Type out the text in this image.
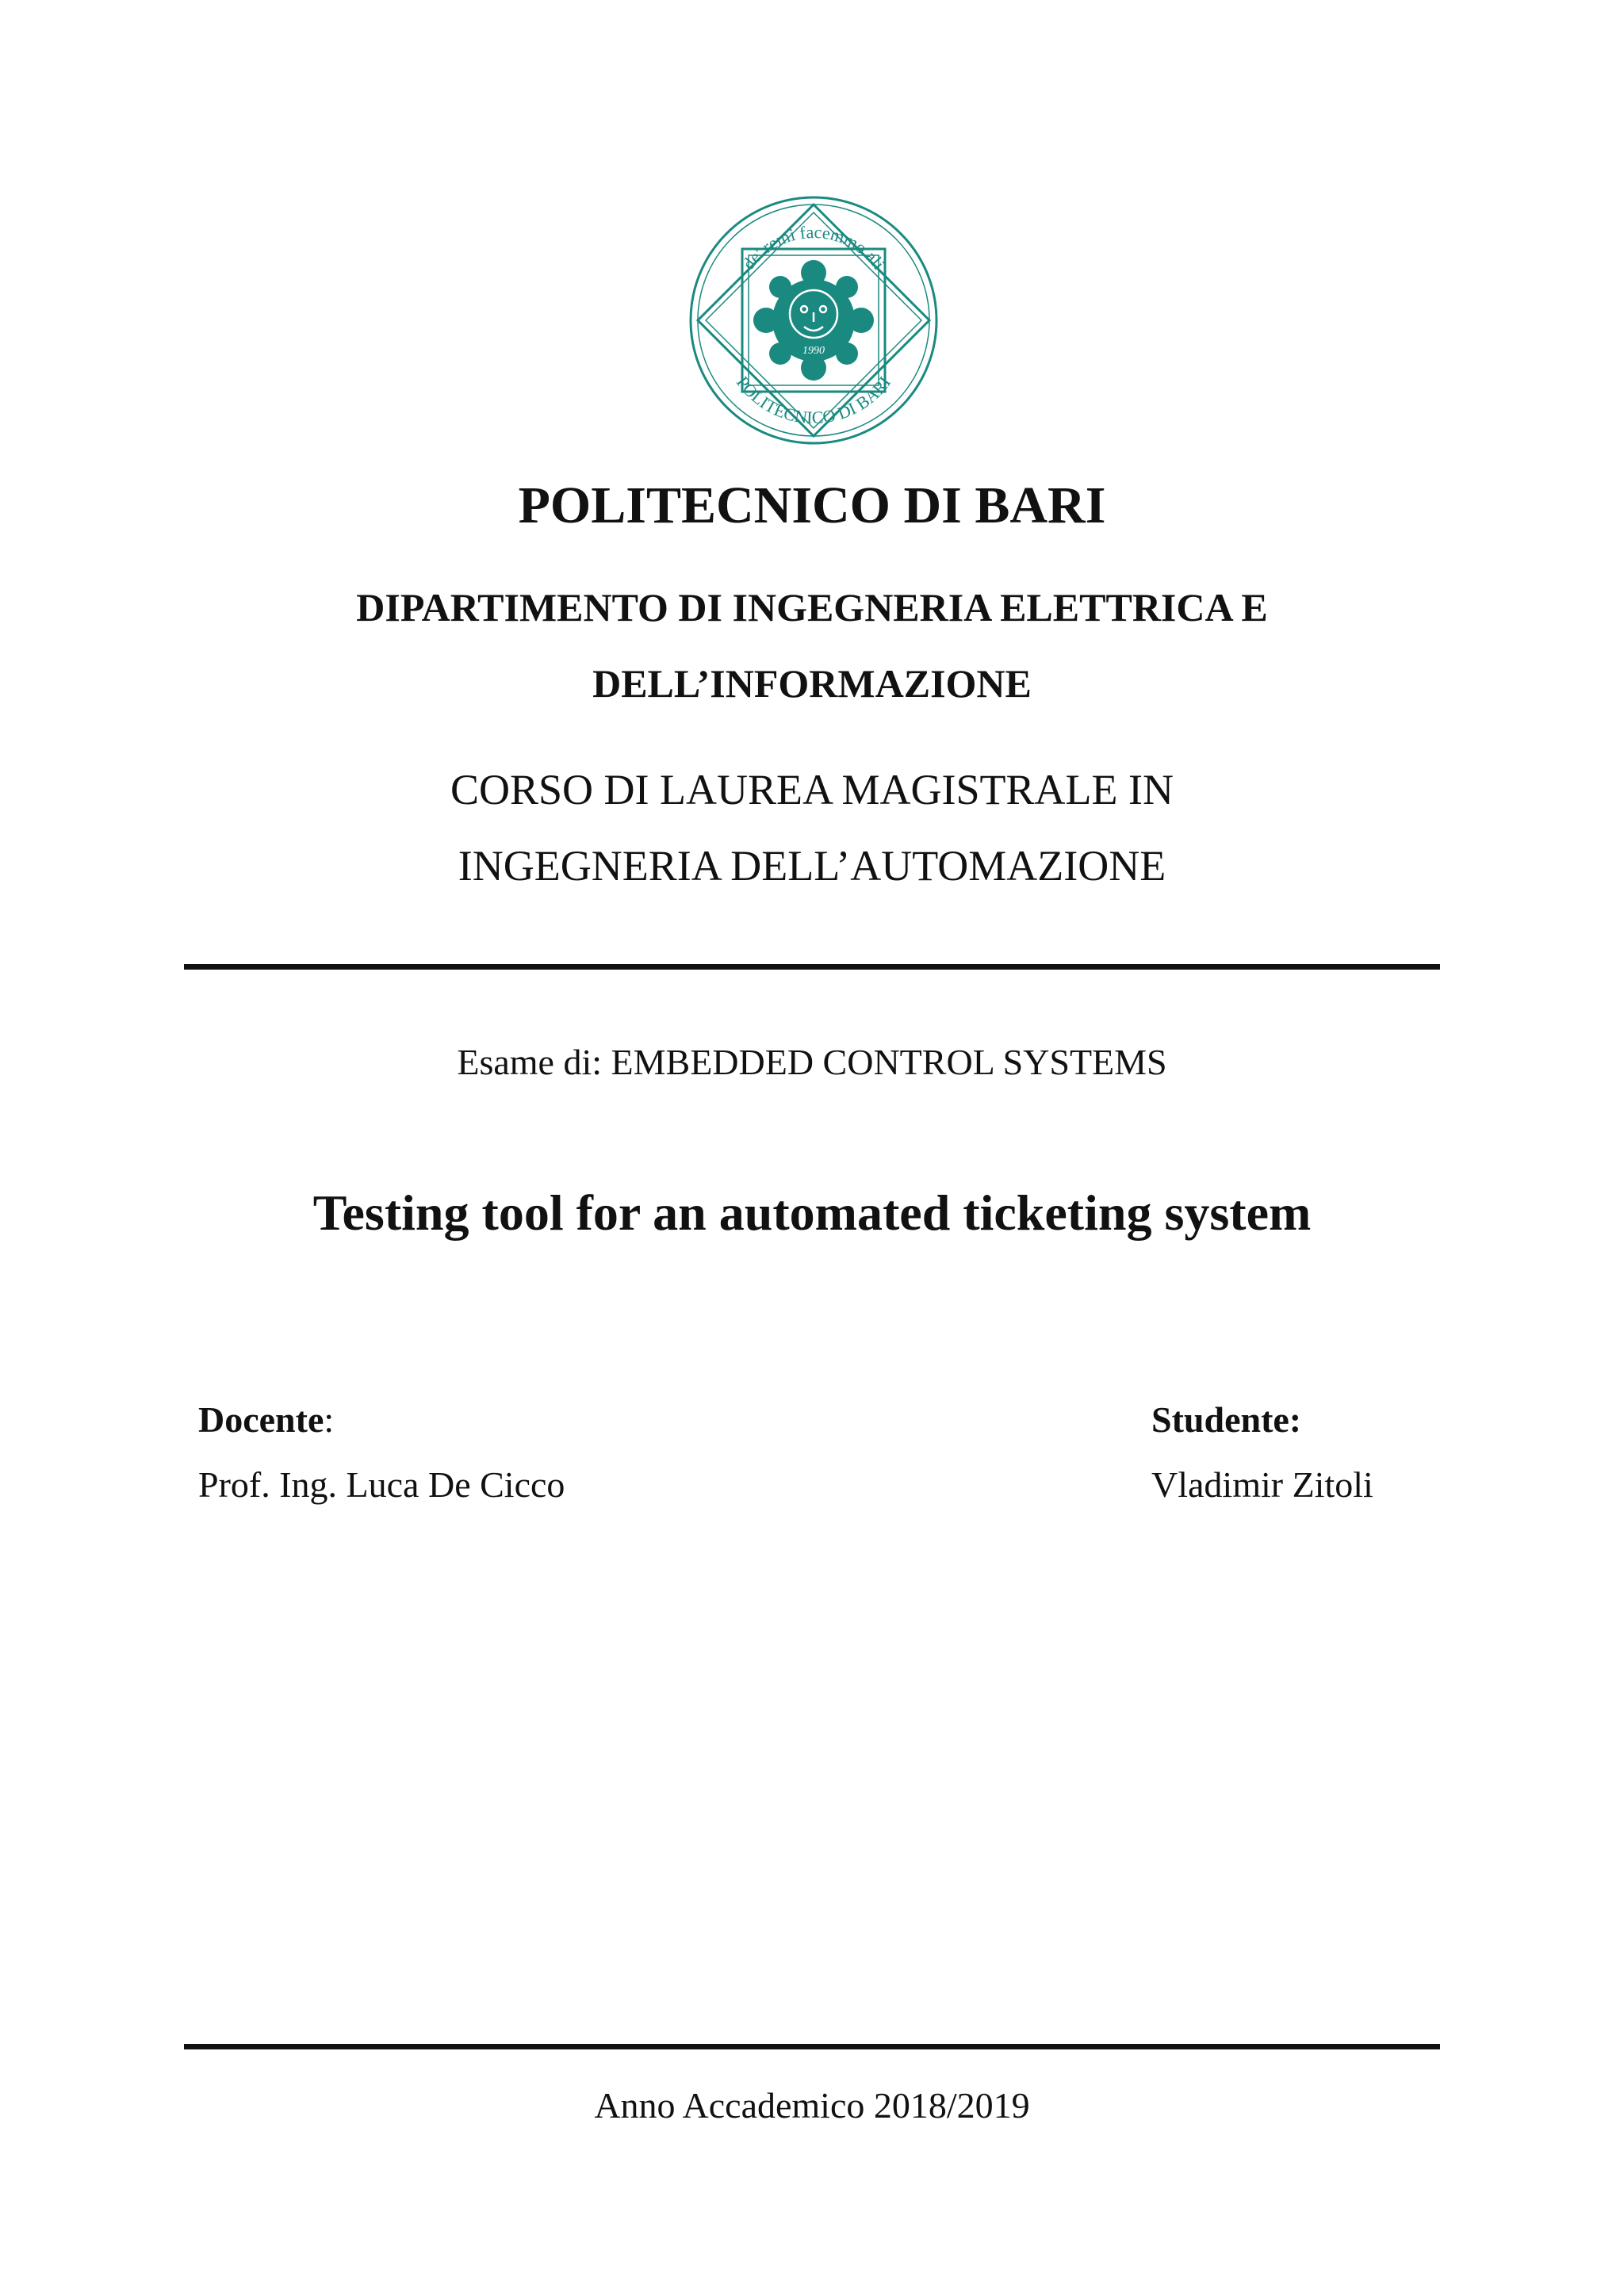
1990
de' remi facemmo ali
POLITECNICO DI BARI
POLITECNICO DI BARI
DIPARTIMENTO DI INGEGNERIA ELETTRICA E
DELL’INFORMAZIONE
CORSO DI LAUREA MAGISTRALE IN
INGEGNERIA DELL’AUTOMAZIONE
Esame di: EMBEDDED CONTROL SYSTEMS
Testing tool for an automated ticketing system
Docente:
Prof. Ing. Luca De Cicco
Studente:
Vladimir Zitoli
Anno Accademico 2018/2019
